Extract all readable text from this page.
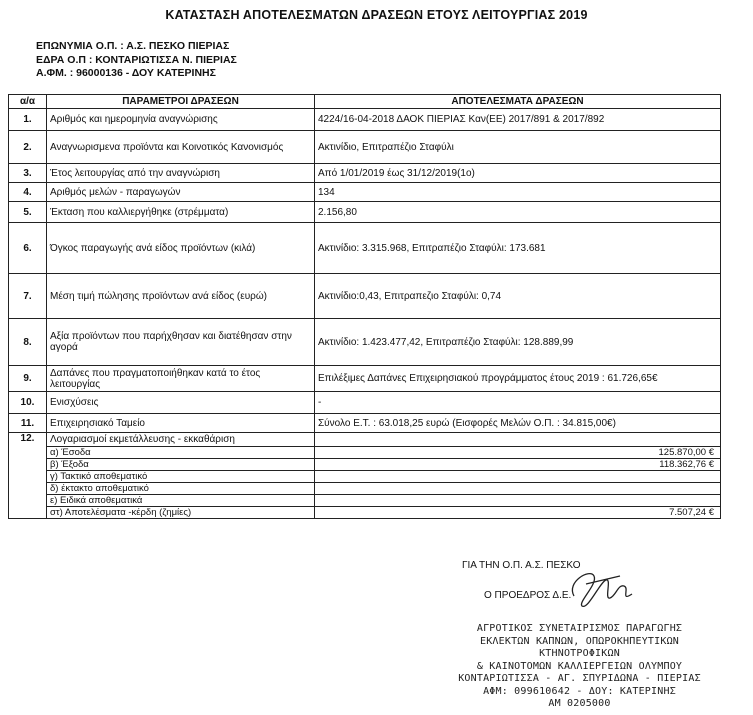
ΚΑΤΑΣΤΑΣΗ ΑΠΟΤΕΛΕΣΜΑΤΩΝ ΔΡΑΣΕΩΝ ΕΤΟΥΣ ΛΕΙΤΟΥΡΓΙΑΣ 2019
ΕΠΩΝΥΜΙΑ Ο.Π. : Α.Σ. ΠΕΣΚΟ ΠΙΕΡΙΑΣ
ΕΔΡΑ Ο.Π : ΚΟΝΤΑΡΙΩΤΙΣΣΑ Ν. ΠΙΕΡΙΑΣ
Α.ΦΜ. : 96000136 - ΔΟΥ ΚΑΤΕΡΙΝΗΣ
α/α	ΠΑΡΑΜΕΤΡΟΙ ΔΡΑΣΕΩΝ	ΑΠΟΤΕΛΕΣΜΑΤΑ ΔΡΑΣΕΩΝ
1.	Αριθμός και ημερομηνία αναγνώρισης	4224/16-04-2018 ΔΑΟΚ ΠΙΕΡΙΑΣ Καν(ΕΕ) 2017/891 & 2017/892
2.	Αναγνωρισμενα προϊόντα και Κοινοτικός Κανονισμός	Ακτινίδιο, Επιτραπέζιο Σταφύλι
3.	Έτος λειτουργίας από την αναγνώριση	Από 1/01/2019 έως 31/12/2019(1ο)
4.	Αριθμός μελών - παραγωγών	134
5.	Έκταση που καλλιεργήθηκε (στρέμματα)	2.156,80
6.	Όγκος παραγωγής ανά είδος προϊόντων (κιλά)	Ακτινίδιο: 3.315.968, Επιτραπέζιο Σταφύλι: 173.681
7.	Μέση τιμή πώλησης προϊόντων ανά είδος (ευρώ)	Ακτινίδιο:0,43, Επιτραπεζιο Σταφύλι: 0,74
8.	Αξία προϊόντων που παρήχθησαν και διατέθησαν στην αγορά	Ακτινίδιο: 1.423.477,42, Επιτραπέζιο Σταφύλι: 128.889,99
9.	Δαπάνες που πραγματοποιήθηκαν κατά το έτος λειτουργίας	Επιλέξιμες Δαπάνες Επιχειρησιακού προγράμματος έτους 2019 : 61.726,65€
10.	Ενισχύσεις	-
11.	Επιχειρησιακό Ταμείο	Σύνολο Ε.Τ. : 63.018,25 ευρώ (Εισφορές Μελών Ο.Π. : 34.815,00€)
12.	Λογαριασμοί εκμετάλλευσης - εκκαθάριση	
	α) Έσοδα	125.870,00 €
	β) Έξοδα	118.362,76 €
	γ) Τακτικό αποθεματικό	
	δ) έκτακτο αποθεματικό	
	ε) Ειδικά αποθεματικά	
	στ) Αποτελέσματα -κέρδη (ζημίες)	7.507,24 €
ΓΙΑ ΤΗΝ Ο.Π. Α.Σ. ΠΕΣΚΟ
Ο ΠΡΟΕΔΡΟΣ Δ.Ε.
ΑΓΡΟΤΙΚΟΣ ΣΥΝΕΤΑΙΡΙΣΜΟΣ ΠΑΡΑΓΩΓΗΣ
ΕΚΛΕΚΤΩΝ ΚΑΠΝΩΝ, ΟΠΩΡΟΚΗΠΕΥΤΙΚΩΝ
ΚΤΗΝΟΤΡΟΦΙΚΩΝ
& ΚΑΙΝΟΤΟΜΩΝ ΚΑΛΛΙΕΡΓΕΙΩΝ ΟΛΥΜΠΟΥ
ΚΟΝΤΑΡΙΩΤΙΣΣΑ - ΑΓ. ΣΠΥΡΙΔΩΝΑ - ΠΙΕΡΙΑΣ
ΑΦΜ: 099610642 - ΔΟΥ: ΚΑΤΕΡΙΝΗΣ
ΑΜ 0205000
